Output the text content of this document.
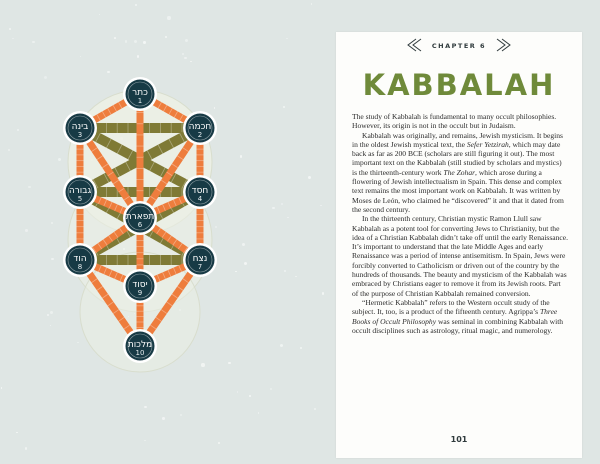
כתר
1
חכמה
2
בינה
3
חסד
4
גבורה
5
תפארת
6
נצח
7
הוד
8
יסוד
9
מלכות
10
CHAPTER 6
KABBALAH

The study of Kabbalah is fundamental to many occult philosophies. However, its origin is not in the occult but in Judaism.

Kabbalah was originally, and remains, Jewish mysticism. It begins in the oldest Jewish mystical text, the Sefer Yetzirah, which may date back as far as 200 BCE (scholars are still figuring it out). The most important text on the Kabbalah (still studied by scholars and mystics) is the thirteenth-century work The Zohar, which arose during a flowering of Jewish intellectualism in Spain. This dense and complex text remains the most important work on Kabbalah. It was written by Moses de León, who claimed he “discovered” it and that it dated from the second century.

In the thirteenth century, Christian mystic Ramon Llull saw Kabbalah as a potent tool for converting Jews to Christianity, but the idea of a Christian Kabbalah didn’t take off until the early Renaissance. It’s important to understand that the late Middle Ages and early Renaissance was a period of intense antisemitism. In Spain, Jews were forcibly converted to Catholicism or driven out of the country by the hundreds of thousands. The beauty and mysticism of the Kabbalah was embraced by Christians eager to remove it from its Jewish roots. Part of the purpose of Christian Kabbalah remained conversion.

“Hermetic Kabbalah” refers to the Western occult study of the subject. It, too, is a product of the fifteenth century. Agrippa’s Three Books of Occult Philosophy was seminal in combining Kabbalah with occult disciplines such as astrology, ritual magic, and numerology.

101
